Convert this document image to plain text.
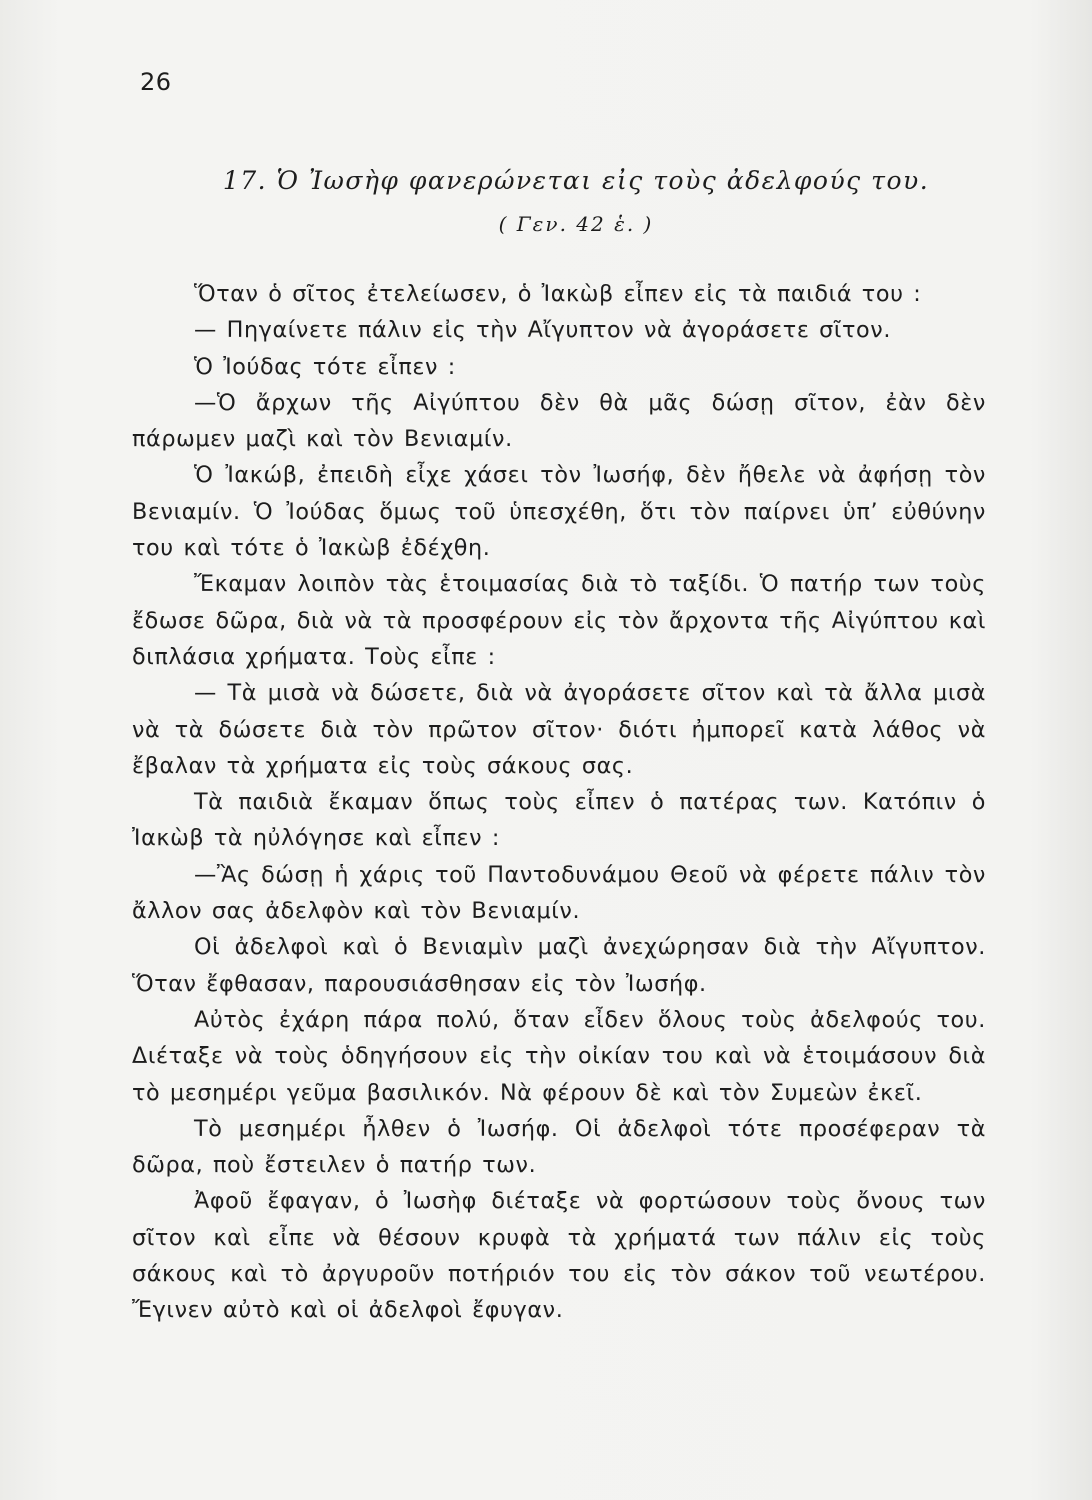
26
17. Ὁ Ἰωσὴφ φανερώνεται εἰς τοὺς ἀδελφούς του.
( Γεν. 42 ἑ. )

Ὅταν ὁ σῖτος ἐτελείωσεν, ὁ Ἰακὼβ εἶπεν εἰς τὰ παιδιά του :

— Πηγαίνετε πάλιν εἰς τὴν Αἴγυπτον νὰ ἀγοράσετε σῖτον.

Ὁ Ἰούδας τότε εἶπεν :

—Ὁ ἄρχων τῆς Αἰγύπτου δὲν θὰ μᾶς δώσῃ σῖτον, ἐὰν δὲν πάρωμεν μαζὶ καὶ τὸν Βενιαμίν.

Ὁ Ἰακώβ, ἐπειδὴ εἶχε χάσει τὸν Ἰωσήφ, δὲν ἤθελε νὰ ἀφήσῃ τὸν Βενιαμίν. Ὁ Ἰούδας ὅμως τοῦ ὑπεσχέθη, ὅτι τὸν παίρνει ὑπ’ εὐθύνην του καὶ τότε ὁ Ἰακὼβ ἐδέχθη.

Ἔκαμαν λοιπὸν τὰς ἑτοιμασίας διὰ τὸ ταξίδι. Ὁ πατήρ των τοὺς ἔδωσε δῶρα, διὰ νὰ τὰ προσφέρουν εἰς τὸν ἄρχοντα τῆς Αἰγύπτου καὶ διπλάσια χρήματα. Τοὺς εἶπε :

— Τὰ μισὰ νὰ δώσετε, διὰ νὰ ἀγοράσετε σῖτον καὶ τὰ ἄλλα μισὰ νὰ τὰ δώσετε διὰ τὸν πρῶτον σῖτον· διότι ἠμπορεῖ κατὰ λάθος νὰ ἔβαλαν τὰ χρήματα εἰς τοὺς σάκους σας.

Τὰ παιδιὰ ἔκαμαν ὅπως τοὺς εἶπεν ὁ πατέρας των. Κατόπιν ὁ Ἰακὼβ τὰ ηὐλόγησε καὶ εἶπεν :

—Ἂς δώσῃ ἡ χάρις τοῦ Παντοδυνάμου Θεοῦ νὰ φέρετε πάλιν τὸν ἄλλον σας ἀδελφὸν καὶ τὸν Βενιαμίν.

Οἱ ἀδελφοὶ καὶ ὁ Βενιαμὶν μαζὶ ἀνεχώρησαν διὰ τὴν Αἴγυπτον. Ὅταν ἔφθασαν, παρουσιάσθησαν εἰς τὸν Ἰωσήφ.

Αὐτὸς ἐχάρη πάρα πολύ, ὅταν εἶδεν ὅλους τοὺς ἀδελφούς του. Διέταξε νὰ τοὺς ὁδηγήσουν εἰς τὴν οἰκίαν του καὶ νὰ ἑτοιμάσουν διὰ τὸ μεσημέρι γεῦμα βασιλικόν. Νὰ φέρουν δὲ καὶ τὸν Συμεὼν ἐκεῖ.

Τὸ μεσημέρι ἦλθεν ὁ Ἰωσήφ. Οἱ ἀδελφοὶ τότε προσέφεραν τὰ δῶρα, ποὺ ἔστειλεν ὁ πατήρ των.

Ἀφοῦ ἔφαγαν, ὁ Ἰωσὴφ διέταξε νὰ φορτώσουν τοὺς ὄνους των σῖτον καὶ εἶπε νὰ θέσουν κρυφὰ τὰ χρήματά των πάλιν εἰς τοὺς σάκους καὶ τὸ ἀργυροῦν ποτήριόν του εἰς τὸν σάκον τοῦ νεωτέρου. Ἔγινεν αὐτὸ καὶ οἱ ἀδελφοὶ ἔφυγαν.
